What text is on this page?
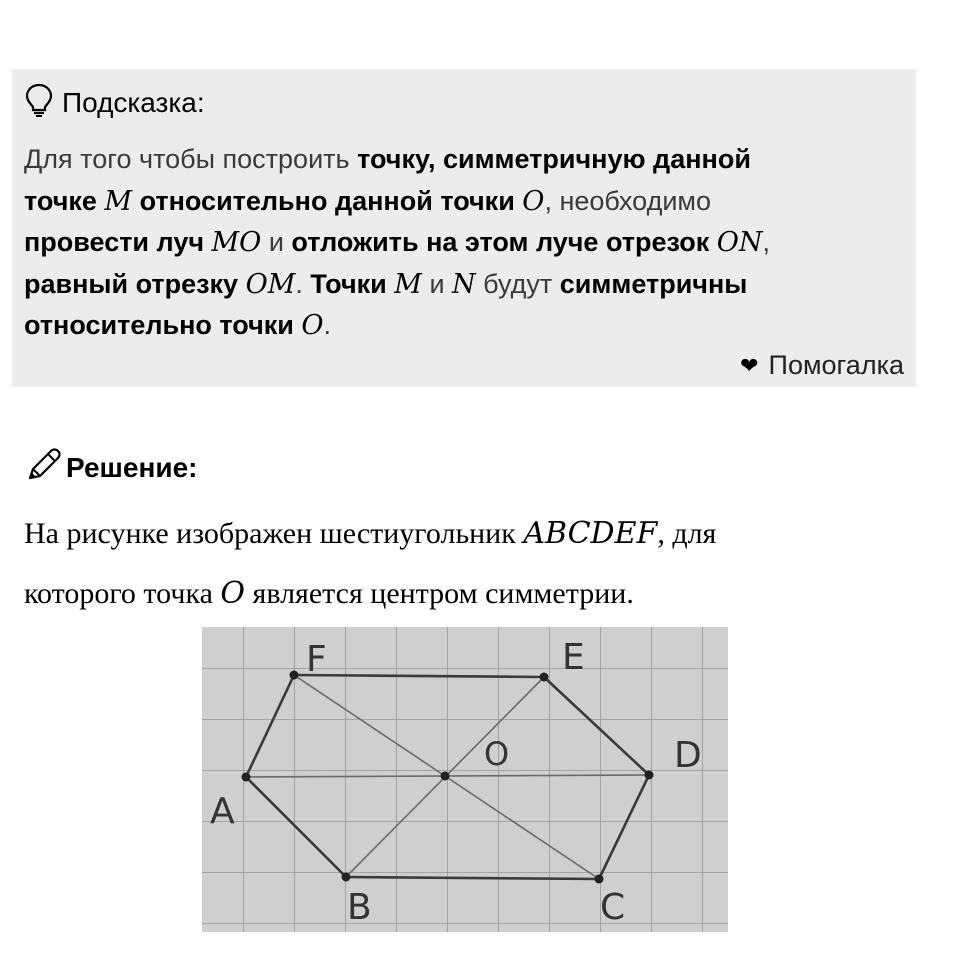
Подсказка:
Для того чтобы построить точку, симметричную данной
точке M относительно данной точки O, необходимо
провести луч MO и отложить на этом луче отрезок ON,
равный отрезку OM. Точки M и N будут симметричны
относительно точки O.
❤ Помогалка
Решение:
На рисунке изображен шестиугольник ABCDEF, для
которого точка O является центром симметрии.
F	E
D
C
B
A
O
